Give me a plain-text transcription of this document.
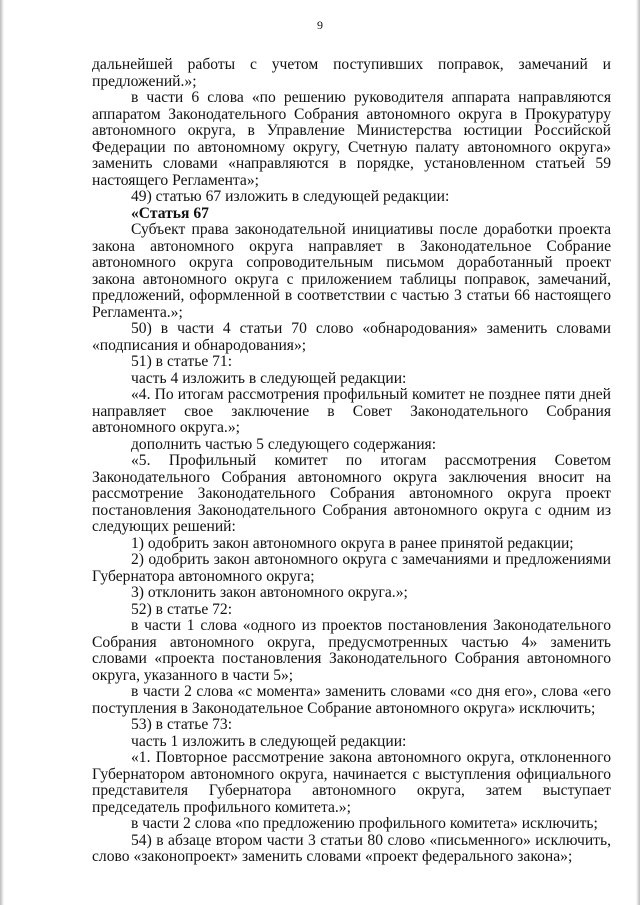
9

дальнейшей работы с учетом поступивших поправок, замечаний и предложений.»;

в части 6 слова «по решению руководителя аппарата направляются аппаратом Законодательного Собрания автономного округа в Прокуратуру автономного округа, в Управление Министерства юстиции Российской Федерации по автономному округу, Счетную палату автономного округа» заменить словами «направляются в порядке, установленном статьей 59 настоящего Регламента»;

49) статью 67 изложить в следующей редакции:

«Статья 67

Субъект права законодательной инициативы после доработки проекта закона автономного округа направляет в Законодательное Собрание автономного округа сопроводительным письмом доработанный проект закона автономного округа с приложением таблицы поправок, замечаний, предложений, оформленной в соответствии с частью 3 статьи 66 настоящего Регламента.»;

50) в части 4 статьи 70 слово «обнародования» заменить словами «подписания и обнародования»;

51) в статье 71:

часть 4 изложить в следующей редакции:

«4. По итогам рассмотрения профильный комитет не позднее пяти дней направляет свое заключение в Совет Законодательного Собрания автономного округа.»;

дополнить частью 5 следующего содержания:

«5. Профильный комитет по итогам рассмотрения Советом Законодательного Собрания автономного округа заключения вносит на рассмотрение Законодательного Собрания автономного округа проект постановления Законодательного Собрания автономного округа с одним из следующих решений:

1) одобрить закон автономного округа в ранее принятой редакции;

2) одобрить закон автономного округа с замечаниями и предложениями Губернатора автономного округа;

3) отклонить закон автономного округа.»;

52) в статье 72:

в части 1 слова «одного из проектов постановления Законодательного Собрания автономного округа, предусмотренных частью 4» заменить словами «проекта постановления Законодательного Собрания автономного округа, указанного в части 5»;

в части 2 слова «с момента» заменить словами «со дня его», слова «его поступления в Законодательное Собрание автономного округа» исключить;

53) в статье 73:

часть 1 изложить в следующей редакции:

«1. Повторное рассмотрение закона автономного округа, отклоненного Губернатором автономного округа, начинается с выступления официального представителя Губернатора автономного округа, затем выступает председатель профильного комитета.»;

в части 2 слова «по предложению профильного комитета» исключить;

54) в абзаце втором части 3 статьи 80 слово «письменного» исключить, слово «законопроект» заменить словами «проект федерального закона»;
